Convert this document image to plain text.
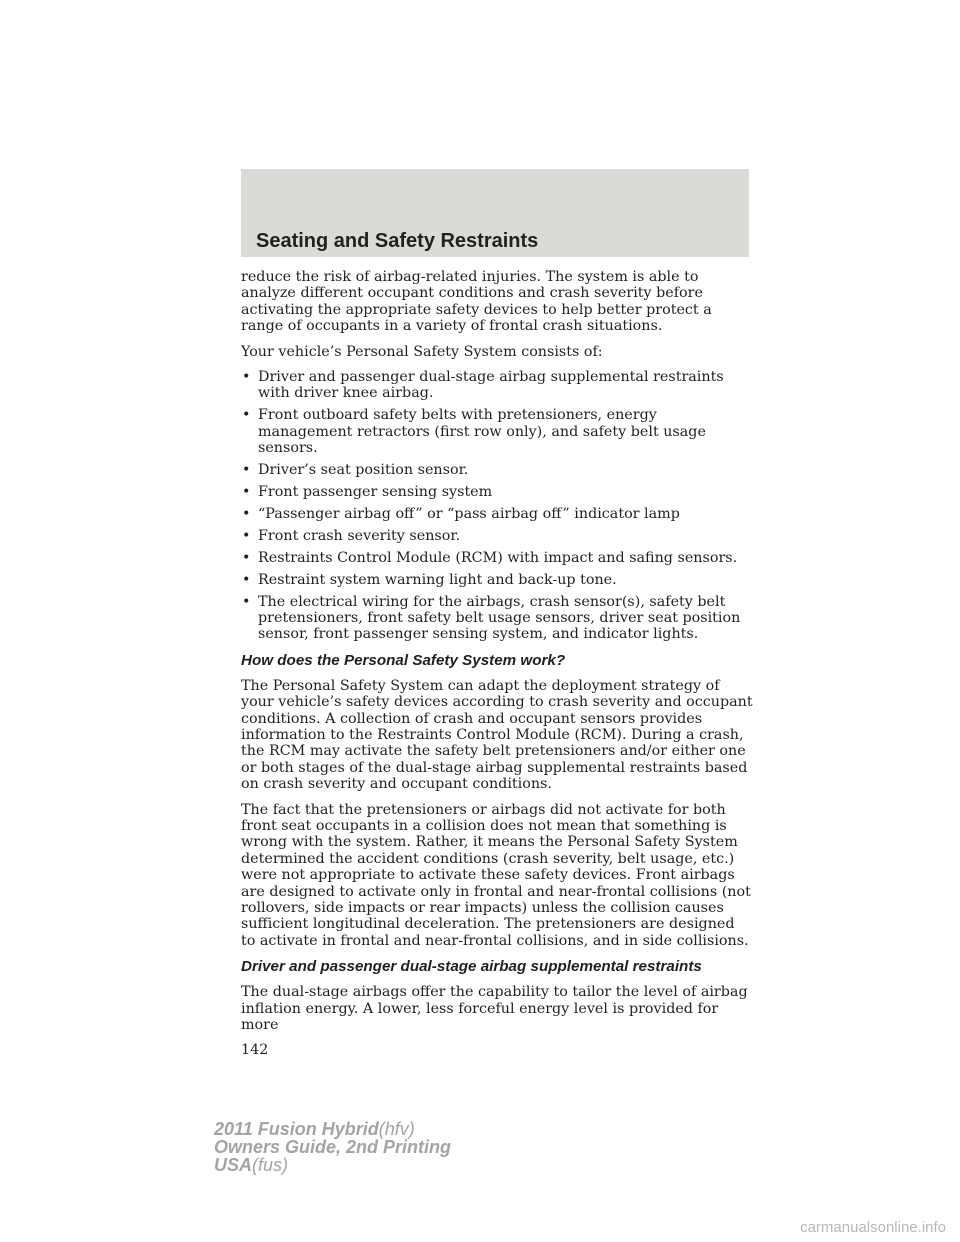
Seating and Safety Restraints

reduce the risk of airbag-related injuries. The system is able to analyze different occupant conditions and crash severity before activating the appropriate safety devices to help better protect a range of occupants in a variety of frontal crash situations.

Your vehicle’s Personal Safety System consists of:

• Driver and passenger dual-stage airbag supplemental restraints with driver knee airbag.
• Front outboard safety belts with pretensioners, energy management retractors (first row only), and safety belt usage sensors.
• Driver’s seat position sensor.
• Front passenger sensing system
• “Passenger airbag off” or “pass airbag off” indicator lamp
• Front crash severity sensor.
• Restraints Control Module (RCM) with impact and safing sensors.
• Restraint system warning light and back-up tone.
• The electrical wiring for the airbags, crash sensor(s), safety belt pretensioners, front safety belt usage sensors, driver seat position sensor, front passenger sensing system, and indicator lights.
How does the Personal Safety System work?

The Personal Safety System can adapt the deployment strategy of your vehicle’s safety devices according to crash severity and occupant conditions. A collection of crash and occupant sensors provides information to the Restraints Control Module (RCM). During a crash, the RCM may activate the safety belt pretensioners and/or either one or both stages of the dual-stage airbag supplemental restraints based on crash severity and occupant conditions.

The fact that the pretensioners or airbags did not activate for both front seat occupants in a collision does not mean that something is wrong with the system. Rather, it means the Personal Safety System determined the accident conditions (crash severity, belt usage, etc.) were not appropriate to activate these safety devices. Front airbags are designed to activate only in frontal and near-frontal collisions (not rollovers, side impacts or rear impacts) unless the collision causes sufficient longitudinal deceleration. The pretensioners are designed to activate in frontal and near-frontal collisions, and in side collisions.

Driver and passenger dual-stage airbag supplemental restraints

The dual-stage airbags offer the capability to tailor the level of airbag inflation energy. A lower, less forceful energy level is provided for more

142
2011 Fusion Hybrid(hfv)
Owners Guide, 2nd Printing
USA(fus)
carmanualsonline.info
